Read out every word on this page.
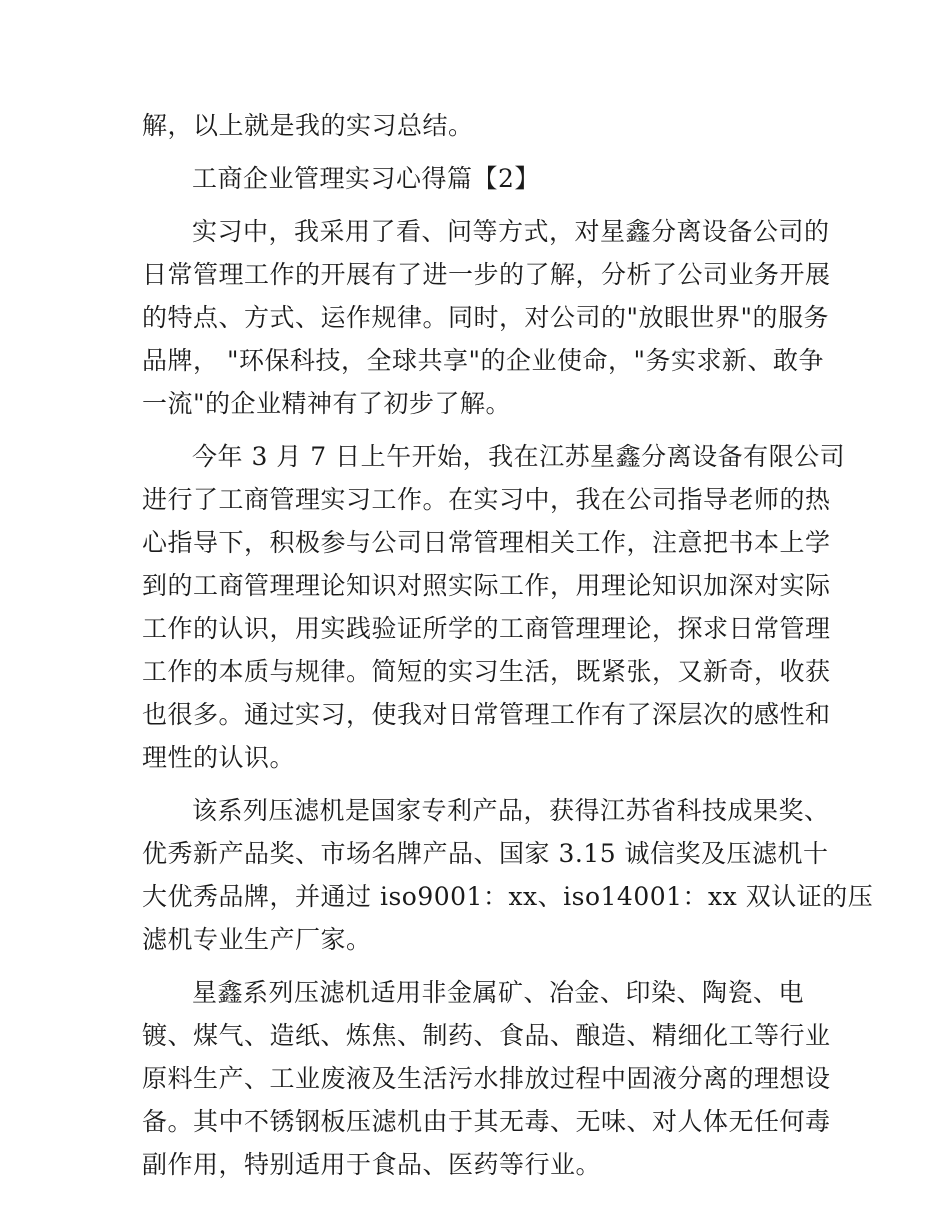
解，以上就是我的实习总结。
工商企业管理实习心得篇【2】
实习中，我采用了看、问等方式，对星鑫分离设备公司的
日常管理工作的开展有了进一步的了解，分析了公司业务开展
的特点、方式、运作规律。同时，对公司的"放眼世界"的服务
品牌， "环保科技，全球共享"的企业使命，"务实求新、敢争
一流"的企业精神有了初步了解。
今年 3 月 7 日上午开始，我在江苏星鑫分离设备有限公司
进行了工商管理实习工作。在实习中，我在公司指导老师的热
心指导下，积极参与公司日常管理相关工作，注意把书本上学
到的工商管理理论知识对照实际工作，用理论知识加深对实际
工作的认识，用实践验证所学的工商管理理论，探求日常管理
工作的本质与规律。简短的实习生活，既紧张，又新奇，收获
也很多。通过实习，使我对日常管理工作有了深层次的感性和
理性的认识。
该系列压滤机是国家专利产品，获得江苏省科技成果奖、
优秀新产品奖、市场名牌产品、国家 3.15 诚信奖及压滤机十
大优秀品牌，并通过 iso9001：xx、iso14001：xx 双认证的压
滤机专业生产厂家。
星鑫系列压滤机适用非金属矿、冶金、印染、陶瓷、电
镀、煤气、造纸、炼焦、制药、食品、酿造、精细化工等行业
原料生产、工业废液及生活污水排放过程中固液分离的理想设
备。其中不锈钢板压滤机由于其无毒、无味、对人体无任何毒
副作用，特别适用于食品、医药等行业。
